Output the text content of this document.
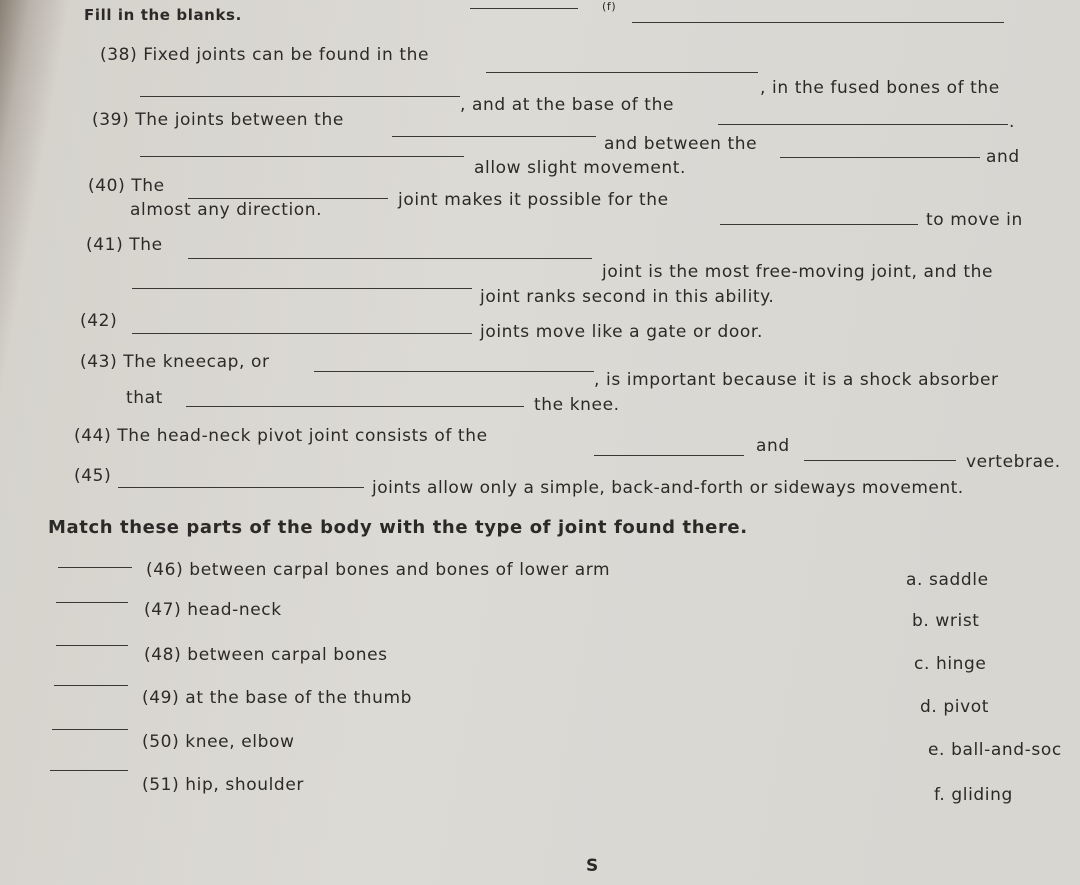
Fill in the blanks.	(f)
(38) Fixed joints can be found in the
, in the fused bones of the
, and at the base of the
.
(39) The joints between the
and between the
and
allow slight movement.
(40) The
joint makes it possible for the
to move in
almost any direction.
(41) The
joint is the most free-moving joint, and the
joint ranks second in this ability.
(42)
joints move like a gate or door.
(43) The kneecap, or
, is important because it is a shock absorber
that	the knee.
(44) The head-neck pivot joint consists of the	and
vertebrae.
(45)
joints allow only a simple, back-and-forth or sideways movement.
Match these parts of the body with the type of joint found there.
(46) between carpal bones and bones of lower arm
(47) head-neck
(48) between carpal bones
(49) at the base of the thumb
(50) knee, elbow
(51) hip, shoulder
a. saddle
b. wrist
c. hinge
d. pivot
e. ball-and-soc
f. gliding
S
